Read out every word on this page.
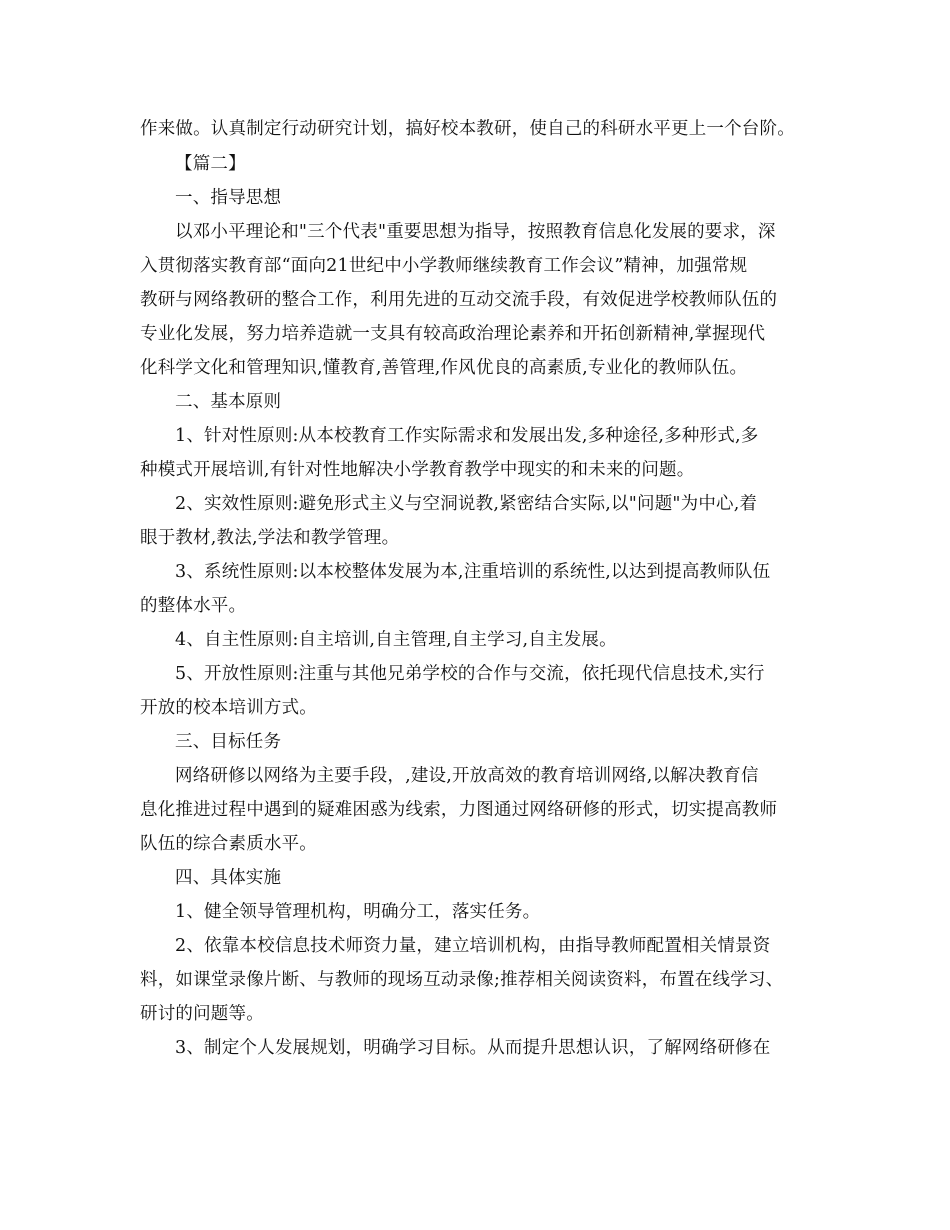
作来做。认真制定行动研究计划，搞好校本教研，使自己的科研水平更上一个台阶。
【篇二】
一、指导思想
以邓小平理论和"三个代表"重要思想为指导，按照教育信息化发展的要求，深
入贯彻落实教育部“面向21世纪中小学教师继续教育工作会议”精神，加强常规
教研与网络教研的整合工作，利用先进的互动交流手段，有效促进学校教师队伍的
专业化发展，努力培养造就一支具有较高政治理论素养和开拓创新精神,掌握现代
化科学文化和管理知识,懂教育,善管理,作风优良的高素质,专业化的教师队伍。
二、基本原则
1、针对性原则:从本校教育工作实际需求和发展出发,多种途径,多种形式,多
种模式开展培训,有针对性地解决小学教育教学中现实的和未来的问题。
2、实效性原则:避免形式主义与空洞说教,紧密结合实际,以"问题"为中心,着
眼于教材,教法,学法和教学管理。
3、系统性原则:以本校整体发展为本,注重培训的系统性,以达到提高教师队伍
的整体水平。
4、自主性原则:自主培训,自主管理,自主学习,自主发展。
5、开放性原则:注重与其他兄弟学校的合作与交流，依托现代信息技术,实行
开放的校本培训方式。
三、目标任务
网络研修以网络为主要手段，,建设,开放高效的教育培训网络,以解决教育信
息化推进过程中遇到的疑难困惑为线索，力图通过网络研修的形式，切实提高教师
队伍的综合素质水平。
四、具体实施
1、健全领导管理机构，明确分工，落实任务。
2、依靠本校信息技术师资力量，建立培训机构，由指导教师配置相关情景资
料，如课堂录像片断、与教师的现场互动录像;推荐相关阅读资料，布置在线学习、
研讨的问题等。
3、制定个人发展规划，明确学习目标。从而提升思想认识，了解网络研修在
